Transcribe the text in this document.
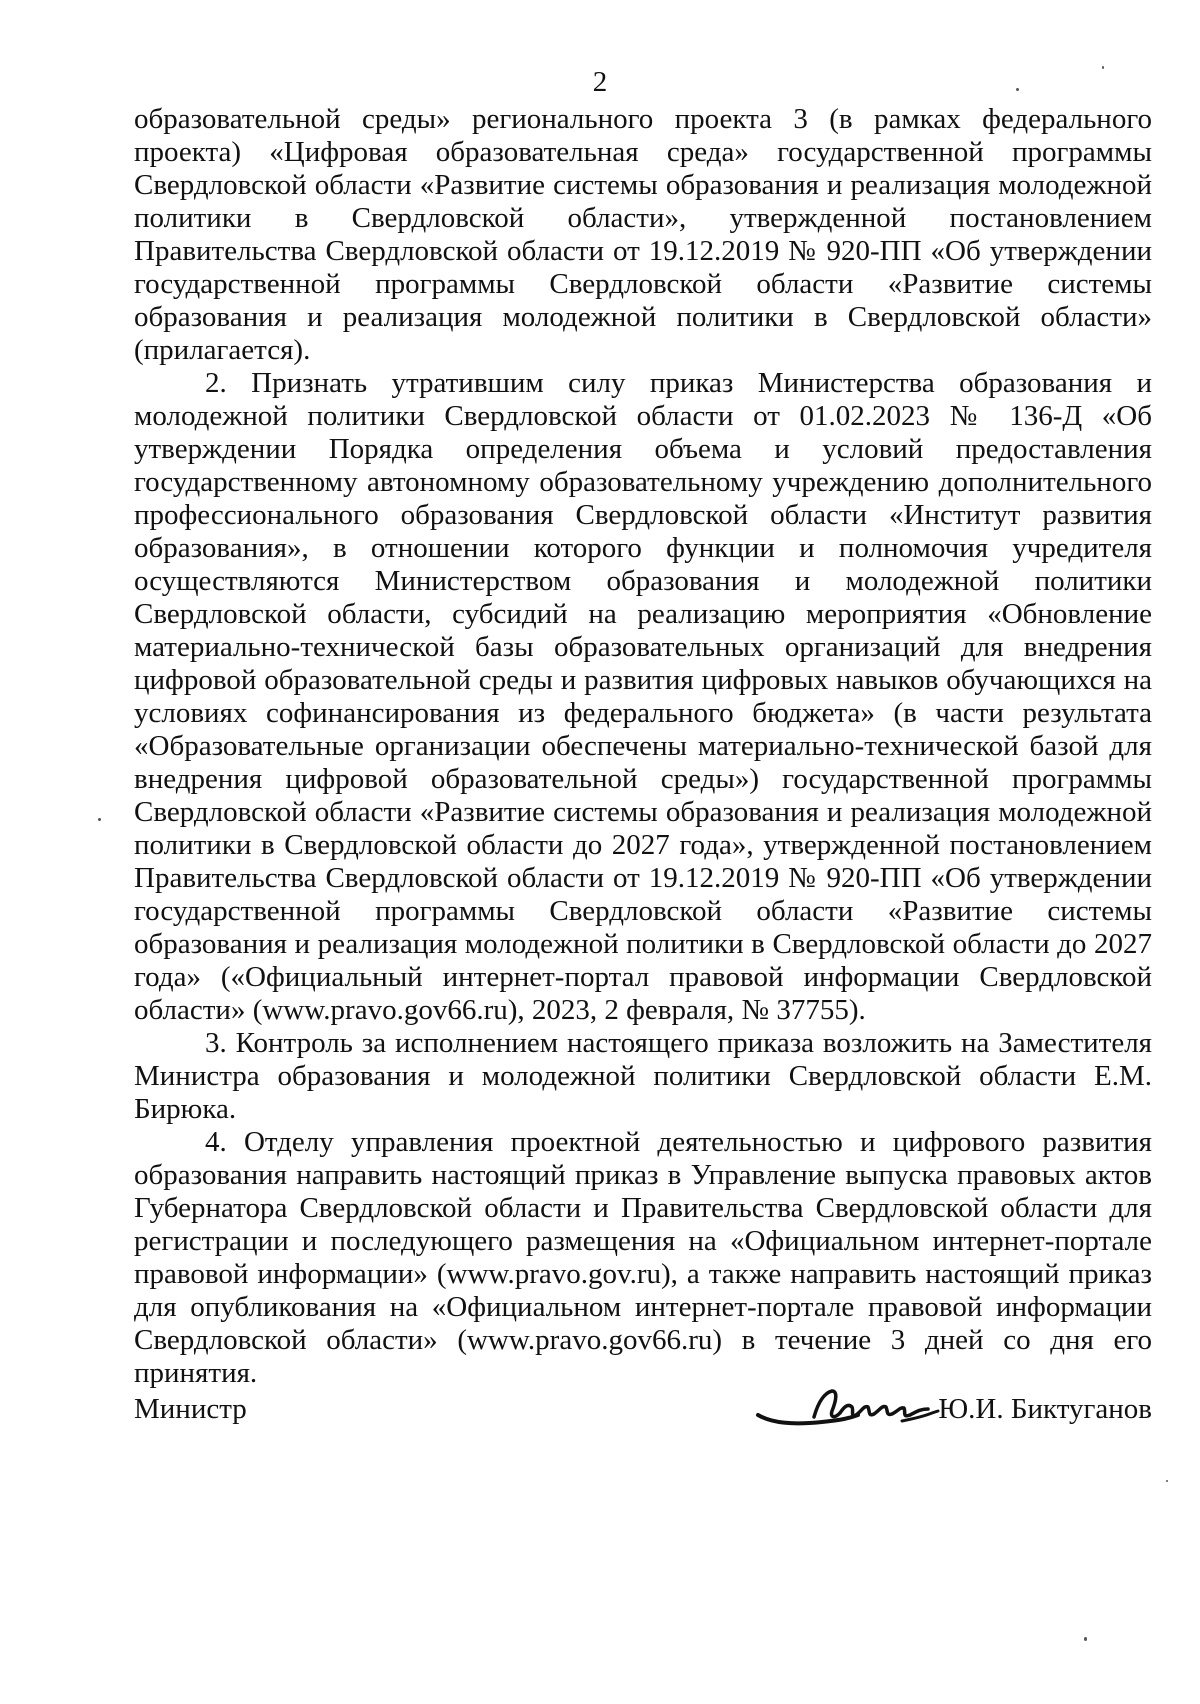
2

образовательной среды» регионального проекта 3 (в рамках федерального проекта) «Цифровая образовательная среда» государственной программы Свердловской области «Развитие системы образования и реализация молодежной политики в Свердловской области», утвержденной постановлением Правительства Свердловской области от 19.12.2019 № 920-ПП «Об утверждении государственной программы Свердловской области «Развитие системы образования и реализация молодежной политики в Свердловской области» (прилагается).

2. Признать утратившим силу приказ Министерства образования и молодежной политики Свердловской области от 01.02.2023 № 136-Д «Об утверждении Порядка определения объема и условий предоставления государственному автономному образовательному учреждению дополнительного профессионального образования Свердловской области «Институт развития образования», в отношении которого функции и полномочия учредителя осуществляются Министерством образования и молодежной политики Свердловской области, субсидий на реализацию мероприятия «Обновление материально-технической базы образовательных организаций для внедрения цифровой образовательной среды и развития цифровых навыков обучающихся на условиях софинансирования из федерального бюджета» (в части результата «Образовательные организации обеспечены материально-технической базой для внедрения цифровой образовательной среды») государственной программы Свердловской области «Развитие системы образования и реализация молодежной политики в Свердловской области до 2027 года», утвержденной постановлением Правительства Свердловской области от 19.12.2019 № 920-ПП «Об утверждении государственной программы Свердловской области «Развитие системы образования и реализация молодежной политики в Свердловской области до 2027 года» («Официальный интернет-портал правовой информации Свердловской области» (www.pravo.gov66.ru), 2023, 2 февраля, № 37755).

3. Контроль за исполнением настоящего приказа возложить на Заместителя Министра образования и молодежной политики Свердловской области Е.М. Бирюка.

4. Отделу управления проектной деятельностью и цифрового развития образования направить настоящий приказ в Управление выпуска правовых актов Губернатора Свердловской области и Правительства Свердловской области для регистрации и последующего размещения на «Официальном интернет-портале правовой информации» (www.pravo.gov.ru), а также направить настоящий приказ для опубликования на «Официальном интернет-портале правовой информации Свердловской области» (www.pravo.gov66.ru) в течение 3 дней со дня его принятия.

Министр	Ю.И. Биктуганов
